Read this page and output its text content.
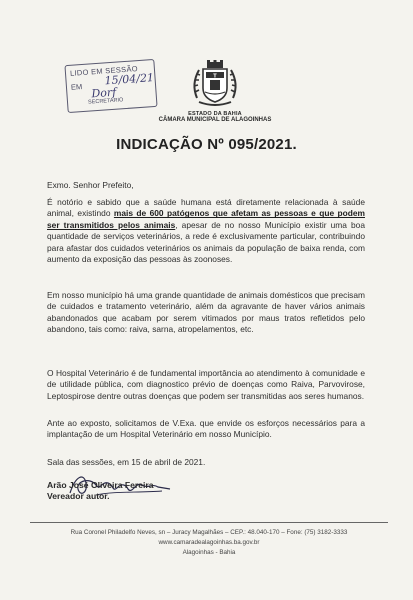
LIDO EM SESSÃO
EM 15/04/21
Dorf
SECRETARIO
T
ESTADO DA BAHIA
CÂMARA MUNICIPAL DE ALAGOINHAS
INDICAÇÃO Nº 095/2021.
Exmo. Senhor Prefeito,
É notório e sabido que a saúde humana está diretamente relacionada à saúde animal, existindo mais de 600 patógenos que afetam as pessoas e que podem ser transmitidos pelos animais, apesar de no nosso Município existir uma boa quantidade de serviços veterinários, a rede é exclusivamente particular, contribuindo para afastar dos cuidados veterinários os animais da população de baixa renda, com aumento da exposição das pessoas às zoonoses.
Em nosso município há uma grande quantidade de animais domésticos que precisam de cuidados e tratamento veterinário, além da agravante de haver vários animais abandonados que acabam por serem vitimados por maus tratos refletidos pelo abandono, tais como: raiva, sarna, atropelamentos, etc.
O Hospital Veterinário é de fundamental importância ao atendimento à comunidade e de utilidade pública, com diagnostico prévio de doenças como Raiva, Parvovirose, Leptospirose dentre outras doenças que podem ser transmitidas aos seres humanos.
Ante ao exposto, solicitamos de V.Exa. que envide os esforços necessários para a implantação de um Hospital Veterinário em nosso Município.
Sala das sessões, em 15 de abril de 2021.
Arão José Oliveira Fereira
Vereador autor.
Rua Coronel Philadelfo Neves, sn – Juracy Magalhães – CEP.: 48.040-170 – Fone: (75) 3182-3333
www.camaradealagoinhas.ba.gov.br
Alagoinhas - Bahia
